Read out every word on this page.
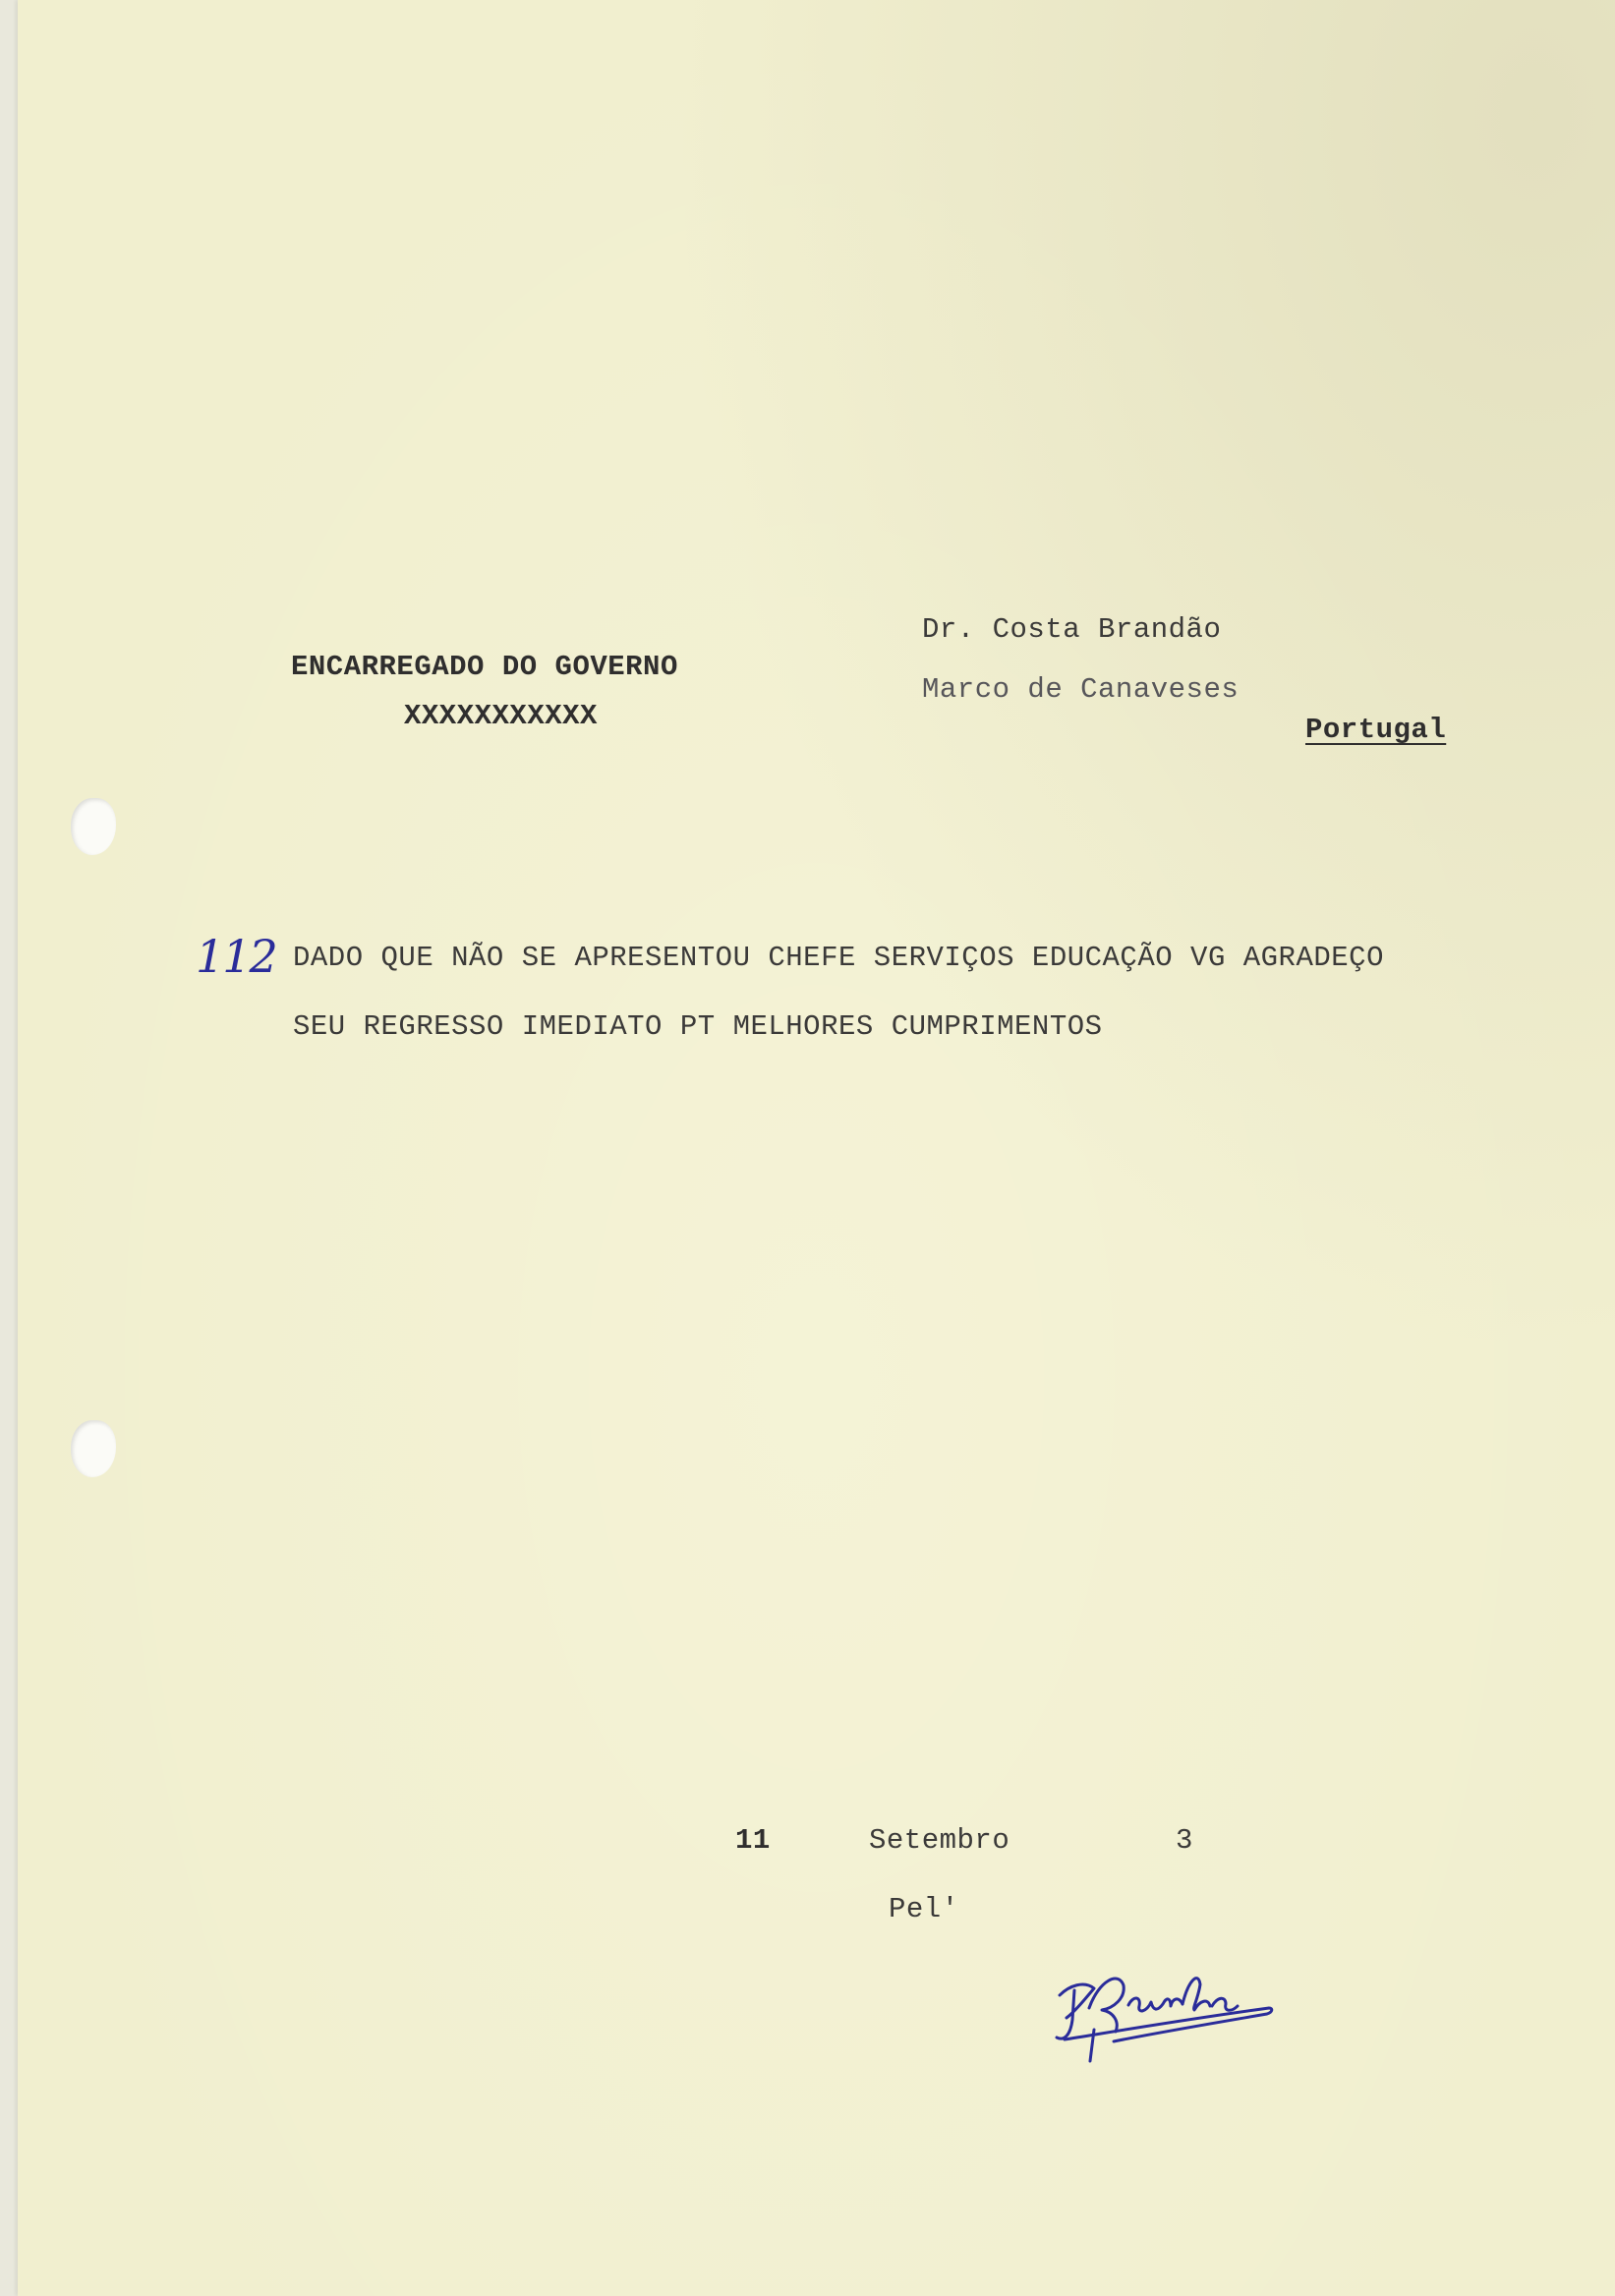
ENCARREGADO DO GOVERNO
XXXXXXXXXXX
Dr. Costa Brandão
Marco de Canaveses
Portugal
112 DADO QUE NÃO SE APRESENTOU CHEFE SERVIÇOS EDUCAÇÃO VG AGRADEÇO
SEU REGRESSO IMEDIATO PT MELHORES CUMPRIMENTOS
11	Setembro	3
Pel'
